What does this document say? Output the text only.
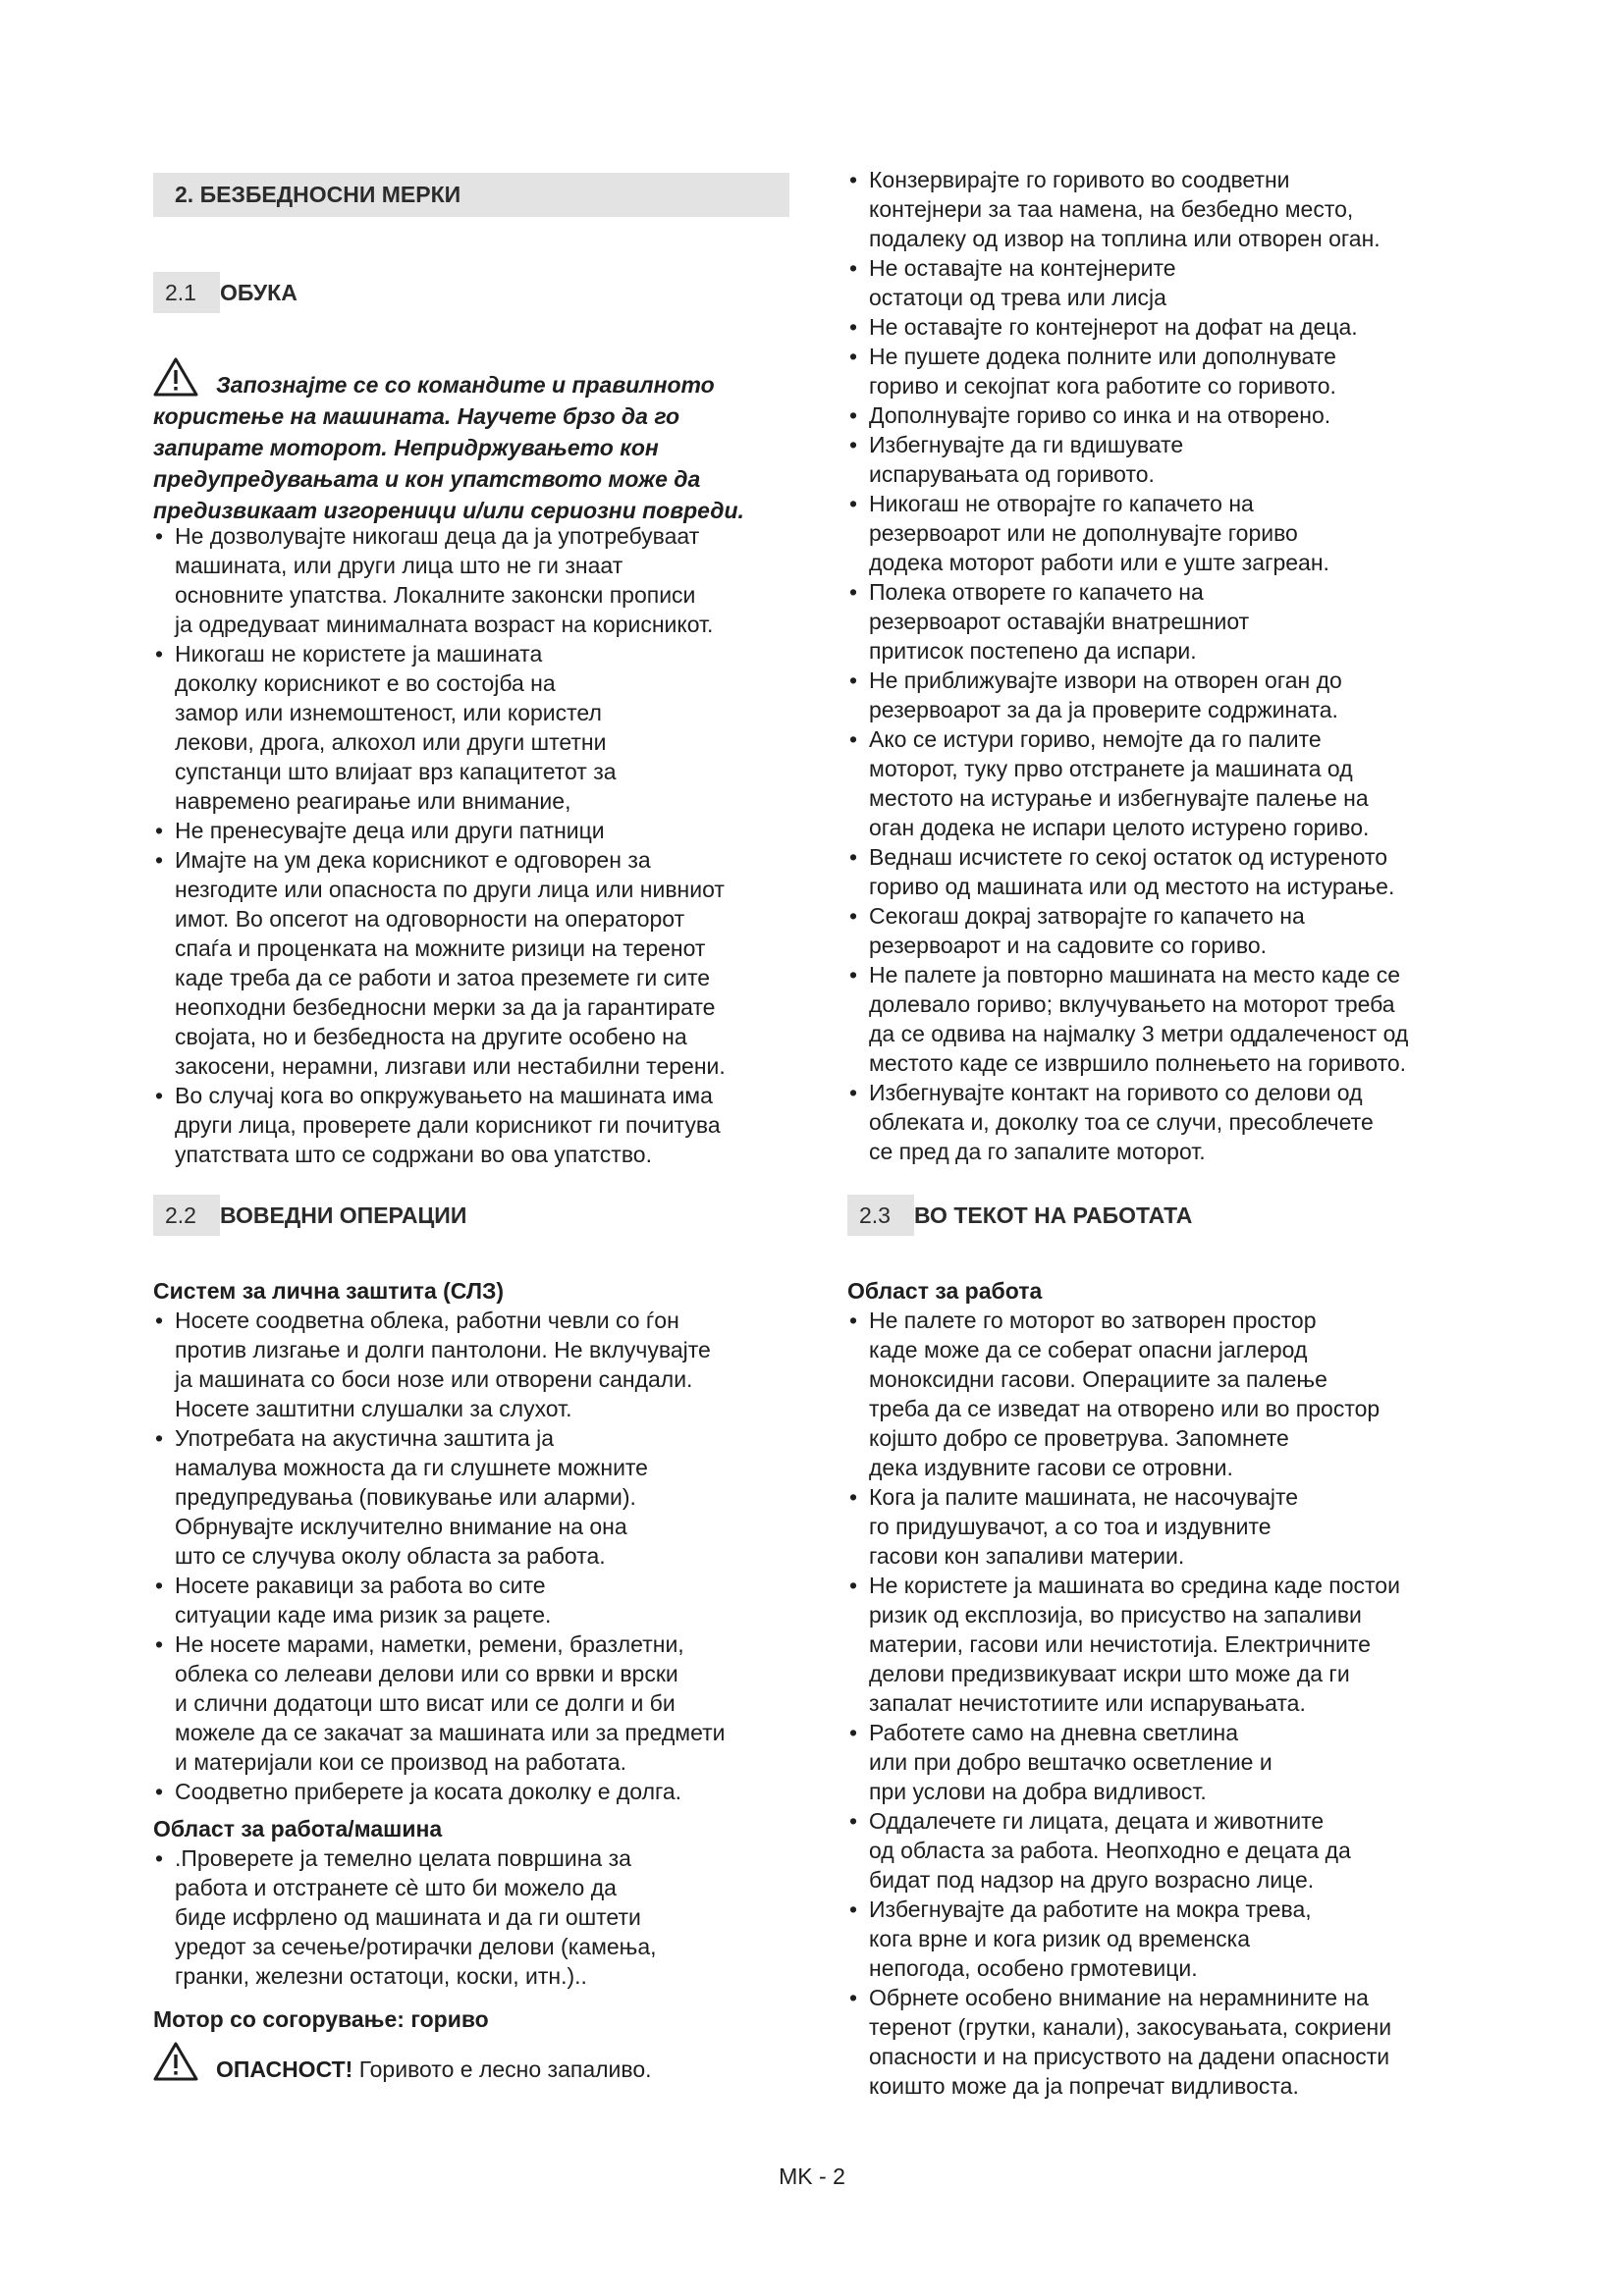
2. БЕЗБЕДНОСНИ МЕРКИ
2.1 ОБУКА
Запознајте се со командите и правилното
користење на машината. Научете брзо да го
запирате моторот. Непридржувањето кон
предупредувањата и кон упатството може да
предизвикаат изгореници и/или сериозни повреди.
• Не дозволувајте никогаш деца да ја употребуваат
машината, или други лица што не ги знаат
основните упатства. Локалните законски прописи
ја одредуваат минималната возраст на корисникот.
• Никогаш не користете ја машината
доколку корисникот е во состојба на
замор или изнемоштеност, или користел
лекови, дрога, алкохол или други штетни
супстанци што влијаат врз капацитетот за
навремено реагирање или внимание,
• Не пренесувајте деца или други патници
• Имајте на ум дека корисникот е одговорен за
незгодите или опасноста по други лица или нивниот
имот. Во опсегот на одговорности на операторот
спаѓа и проценката на можните ризици на теренот
каде треба да се работи и затоа преземете ги сите
неопходни безбедносни мерки за да ја гарантирате
својата, но и безбедноста на другите особено на
закосени, нерамни, лизгави или нестабилни терени.
• Во случај кога во опкружувањето на машината има
други лица, проверете дали корисникот ги почитува
упатствата што се содржани во ова упатство.
2.2 ВОВЕДНИ ОПЕРАЦИИ
Систем за лична заштита (СЛЗ)
• Носете соодветна облека, работни чевли со ѓон
против лизгање и долги пантолони. Не вклучувајте
ја машината со боси нозе или отворени сандали.
Носете заштитни слушалки за слухот.
• Употребата на акустична заштита ја
намалува можноста да ги слушнете можните
предупредувања (повикување или аларми).
Обрнувајте исклучително внимание на она
што се случува околу областа за работа.
• Носете ракавици за работа во сите
ситуации каде има ризик за рацете.
• Не носете марами, наметки, ремени, бразлетни,
облека со лелеави делови или со врвки и врски
и слични додатоци што висат или се долги и би
можеле да се закачат за машината или за предмети
и материјали кои се производ на работата.
• Соодветно приберете ја косата доколку е долга.
Област за работа/машина
• .Проверете ја темелно целата површина за
работа и отстранете сè што би можело да
биде исфрлено од машината и да ги оштети
уредот за сечење/ротирачки делови (камења,
гранки, железни остатоци, коски, итн.)..
Мотор со согорување: гориво
ОПАСНОСТ! Горивото е лесно запаливо.
• Конзервирајте го горивото во соодветни
контејнери за таа намена, на безбедно место,
подалеку од извор на топлина или отворен оган.
• Не оставајте на контејнерите
остатоци од трева или лисја
• Не оставајте го контејнерот на дофат на деца.
• Не пушете додека полните или дополнувате
гориво и секојпат кога работите со горивото.
• Дополнувајте гориво со инка и на отворено.
• Избегнувајте да ги вдишувате
испарувањата од горивото.
• Никогаш не отворајте го капачето на
резервоарот или не дополнувајте гориво
додека моторот работи или е уште загреан.
• Полека отворете го капачето на
резервоарот оставајќи внатрешниот
притисок постепено да испари.
• Не приближувајте извори на отворен оган до
резервоарот за да ја проверите содржината.
• Ако се истури гориво, немојте да го палите
моторот, туку прво отстранете ја машината од
местото на истурање и избегнувајте палење на
оган додека не испари целото истурено гориво.
• Веднаш исчистете го секој остаток од истуреното
гориво од машината или од местото на истурање.
• Секогаш докрај затворајте го капачето на
резервоарот и на садовите со гориво.
• Не палете ја повторно машината на место каде се
долевало гориво; вклучувањето на моторот треба
да се одвива на најмалку 3 метри оддалеченост од
местото каде се извршило полнењето на горивото.
• Избегнувајте контакт на горивото со делови од
облеката и, доколку тоа се случи, пресоблечете
се пред да го запалите моторот.
2.3 ВО ТЕКОТ НА РАБОТАТА
Област за работа
• Не палете го моторот во затворен простор
каде може да се соберат опасни јаглерод
моноксидни гасови. Операциите за палење
треба да се изведат на отворено или во простор
којшто добро се проветрува. Запомнете
дека издувните гасови се отровни.
• Кога ја палите машината, не насочувајте
го придушувачот, а со тоа и издувните
гасови кон запаливи материи.
• Не користете ја машината во средина каде постои
ризик од експлозија, во присуство на запаливи
материи, гасови или нечистотија. Електричните
делови предизвикуваат искри што може да ги
запалат нечистотиите или испарувањата.
• Работете само на дневна светлина
или при добро вештачко осветление и
при услови на добра видливост.
• Оддалечете ги лицата, децата и животните
од областа за работа. Неопходно е децата да
бидат под надзор на друго возрасно лице.
• Избегнувајте да работите на мокра трева,
кога врне и кога ризик од временска
непогода, особено грмотевици.
• Обрнете особено внимание на нерамнините на
теренот (грутки, канали), закосувањата, сокриени
опасности и на присуството на дадени опасности
коишто може да ја попречат видливоста.
MK - 2
